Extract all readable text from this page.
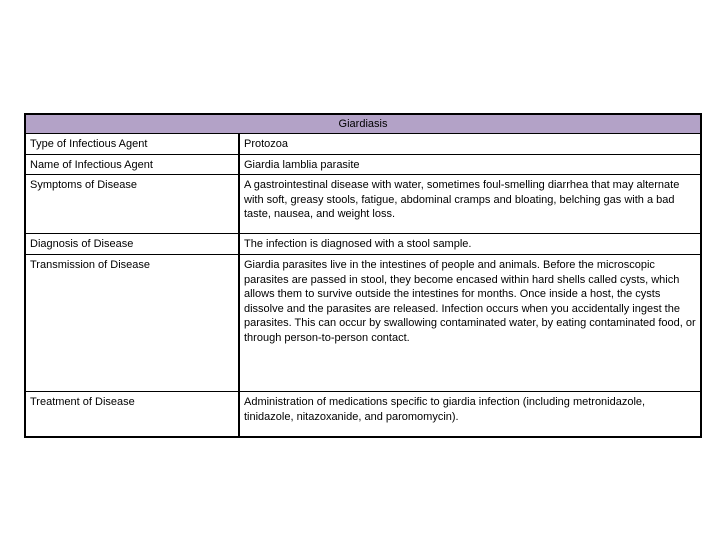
Giardiasis
Type of Infectious Agent	Protozoa
Name of Infectious Agent	Giardia lamblia parasite
Symptoms of Disease	A gastrointestinal disease with water, sometimes foul-smelling diarrhea that may alternate with soft, greasy stools, fatigue, abdominal cramps and bloating, belching gas with a bad taste, nausea, and weight loss.
Diagnosis of Disease	The infection is diagnosed with a stool sample.
Transmission of Disease	Giardia parasites live in the intestines of people and animals. Before the microscopic parasites are passed in stool, they become encased within hard shells called cysts, which allows them to survive outside the intestines for months. Once inside a host, the cysts dissolve and the parasites are released. Infection occurs when you accidentally ingest the parasites. This can occur by swallowing contaminated water, by eating contaminated food, or through person-to-person contact.
Treatment of Disease	Administration of medications specific to giardia infection (including metronidazole, tinidazole, nitazoxanide, and paromomycin).
